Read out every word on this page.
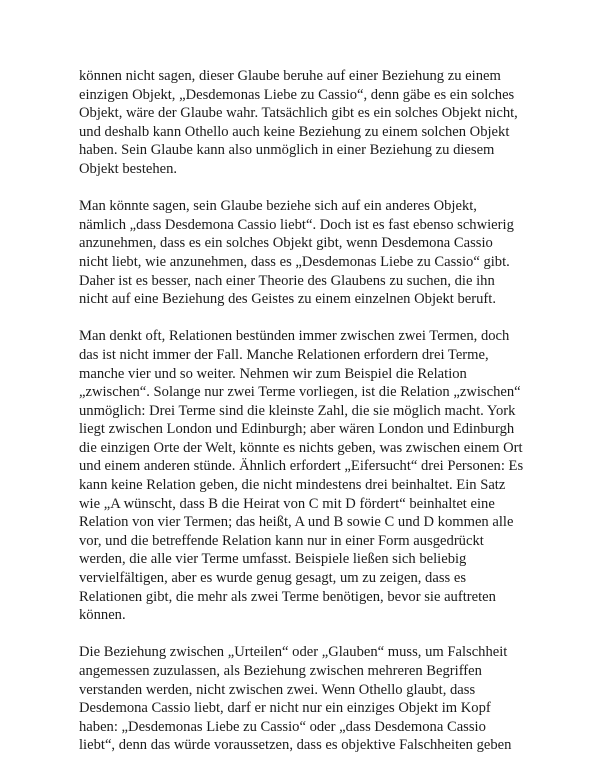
können nicht sagen, dieser Glaube beruhe auf einer Beziehung zu einem
einzigen Objekt, „Desdemonas Liebe zu Cassio“, denn gäbe es ein solches
Objekt, wäre der Glaube wahr. Tatsächlich gibt es ein solches Objekt nicht,
und deshalb kann Othello auch keine Beziehung zu einem solchen Objekt
haben. Sein Glaube kann also unmöglich in einer Beziehung zu diesem
Objekt bestehen.

Man könnte sagen, sein Glaube beziehe sich auf ein anderes Objekt,
nämlich „dass Desdemona Cassio liebt“. Doch ist es fast ebenso schwierig
anzunehmen, dass es ein solches Objekt gibt, wenn Desdemona Cassio
nicht liebt, wie anzunehmen, dass es „Desdemonas Liebe zu Cassio“ gibt.
Daher ist es besser, nach einer Theorie des Glaubens zu suchen, die ihn
nicht auf eine Beziehung des Geistes zu einem einzelnen Objekt beruft.

Man denkt oft, Relationen bestünden immer zwischen zwei Termen, doch
das ist nicht immer der Fall. Manche Relationen erfordern drei Terme,
manche vier und so weiter. Nehmen wir zum Beispiel die Relation
„zwischen“. Solange nur zwei Terme vorliegen, ist die Relation „zwischen“
unmöglich: Drei Terme sind die kleinste Zahl, die sie möglich macht. York
liegt zwischen London und Edinburgh; aber wären London und Edinburgh
die einzigen Orte der Welt, könnte es nichts geben, was zwischen einem Ort
und einem anderen stünde. Ähnlich erfordert „Eifersucht“ drei Personen: Es
kann keine Relation geben, die nicht mindestens drei beinhaltet. Ein Satz
wie „A wünscht, dass B die Heirat von C mit D fördert“ beinhaltet eine
Relation von vier Termen; das heißt, A und B sowie C und D kommen alle
vor, und die betreffende Relation kann nur in einer Form ausgedrückt
werden, die alle vier Terme umfasst. Beispiele ließen sich beliebig
vervielfältigen, aber es wurde genug gesagt, um zu zeigen, dass es
Relationen gibt, die mehr als zwei Terme benötigen, bevor sie auftreten
können.

Die Beziehung zwischen „Urteilen“ oder „Glauben“ muss, um Falschheit
angemessen zuzulassen, als Beziehung zwischen mehreren Begriffen
verstanden werden, nicht zwischen zwei. Wenn Othello glaubt, dass
Desdemona Cassio liebt, darf er nicht nur ein einziges Objekt im Kopf
haben: „Desdemonas Liebe zu Cassio“ oder „dass Desdemona Cassio
liebt“, denn das würde voraussetzen, dass es objektive Falschheiten geben
